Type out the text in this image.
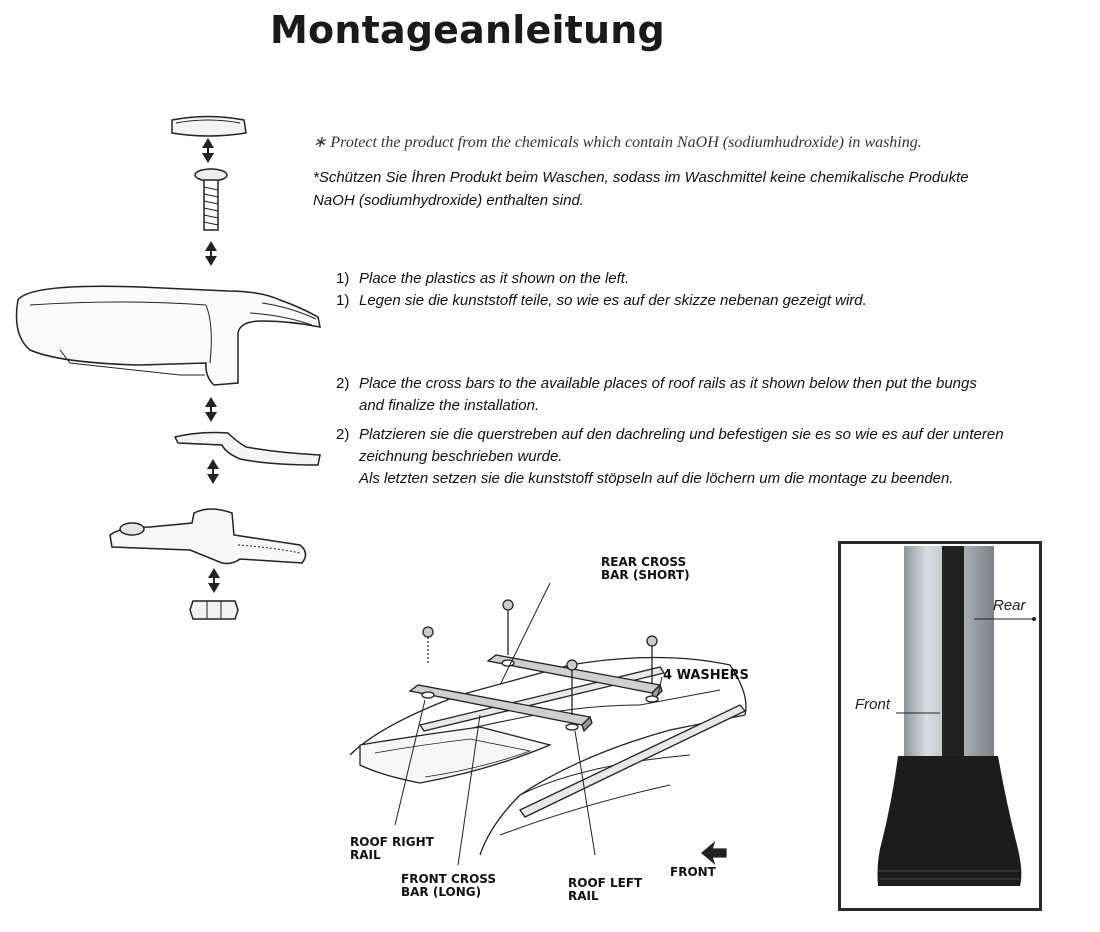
Montageanleitung
∗ Protect the product from the chemicals which contain NaOH (sodiumhudroxide) in washing.
*Schützen Sie İhren Produkt beim Waschen, sodass im Waschmittel keine chemikalische Produkte
NaOH (sodiumhydroxide) enthalten sind.
1) Place the plastics as it shown on the left.
1) Legen sie die kunststoff teile, so wie es auf der skizze nebenan gezeigt wird.
2) Place the cross bars to the available places of roof rails as it shown below then put the bungs
and finalize the installation.
2) Platzieren sie die querstreben auf den dachreling und befestigen sie es so wie es auf der unteren
zeichnung beschrieben wurde.
Als letzten setzen sie die kunststoff stöpseln auf die löchern um die montage zu beenden.
REAR CROSS
BAR (SHORT)
4 WASHERS
ROOF RIGHT
RAIL
FRONT CROSS
BAR (LONG)
ROOF LEFT
RAIL
FRONT
Rear
Front
